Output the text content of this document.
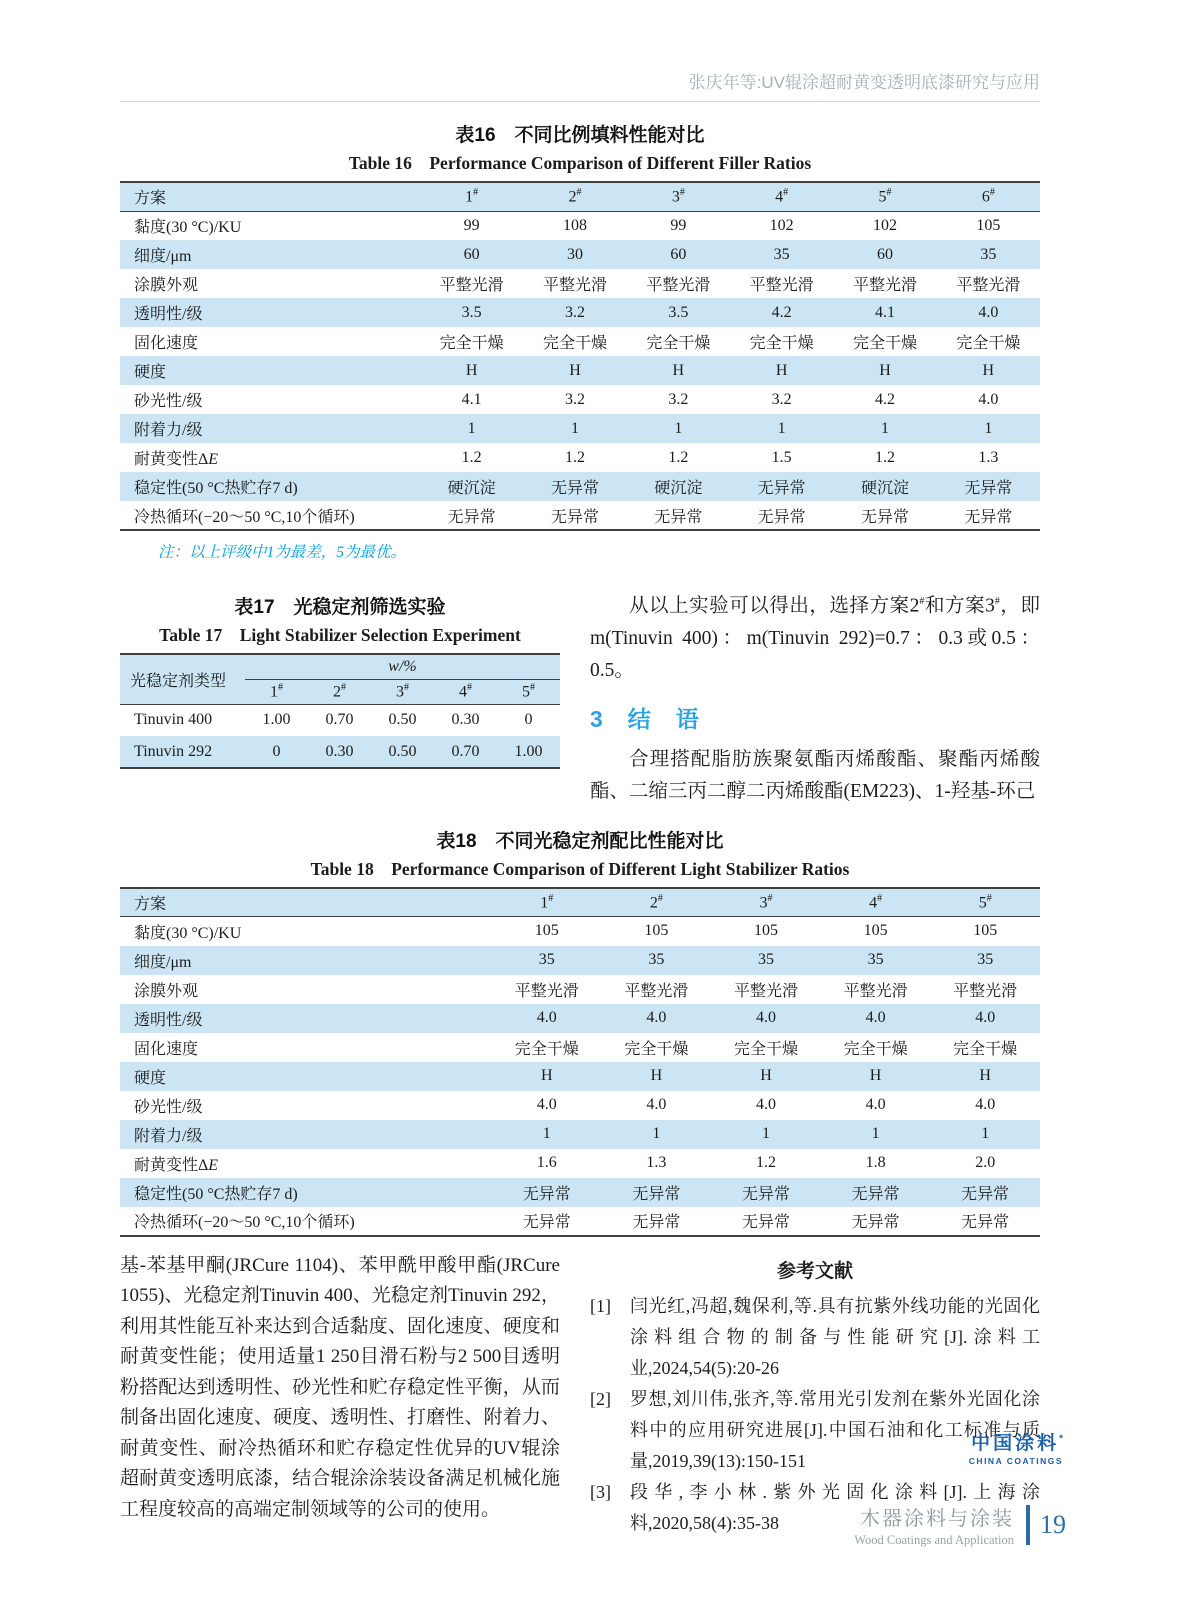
张庆年等:UV辊涂超耐黄变透明底漆研究与应用
表16　不同比例填料性能对比
Table 16　Performance Comparison of Different Filler Ratios
方案	1#	2#	3#	4#	5#	6#
黏度(30 °C)/KU	99	108	99	102	102	105
细度/μm	60	30	60	35	60	35
涂膜外观	平整光滑	平整光滑	平整光滑	平整光滑	平整光滑	平整光滑
透明性/级	3.5	3.2	3.5	4.2	4.1	4.0
固化速度	完全干燥	完全干燥	完全干燥	完全干燥	完全干燥	完全干燥
硬度	H	H	H	H	H	H
砂光性/级	4.1	3.2	3.2	3.2	4.2	4.0
附着力/级	1	1	1	1	1	1
耐黄变性ΔE	1.2	1.2	1.2	1.5	1.2	1.3
稳定性(50 °C热贮存7 d)	硬沉淀	无异常	硬沉淀	无异常	硬沉淀	无异常
冷热循环(−20～50 °C,10个循环)	无异常	无异常	无异常	无异常	无异常	无异常
注：以上评级中1为最差，5为最优。
表17　光稳定剂筛选实验
Table 17　Light Stabilizer Selection Experiment
光稳定剂类型	w/%				
	1#	2#	3#	4#	5#
Tinuvin 400	1.00	0.70	0.50	0.30	0
Tinuvin 292	0	0.30	0.50	0.70	1.00

从以上实验可以得出，选择方案2#和方案3#，即m(Tinuvin 400)：m(Tinuvin 292)=0.7：0.3或0.5：0.5。

3　结　语

合理搭配脂肪族聚氨酯丙烯酸酯、聚酯丙烯酸酯、二缩三丙二醇二丙烯酸酯(EM223)、1-羟基-环己

表18　不同光稳定剂配比性能对比
Table 18　Performance Comparison of Different Light Stabilizer Ratios
方案	1#	2#	3#	4#	5#
黏度(30 °C)/KU	105	105	105	105	105
细度/μm	35	35	35	35	35
涂膜外观	平整光滑	平整光滑	平整光滑	平整光滑	平整光滑
透明性/级	4.0	4.0	4.0	4.0	4.0
固化速度	完全干燥	完全干燥	完全干燥	完全干燥	完全干燥
硬度	H	H	H	H	H
砂光性/级	4.0	4.0	4.0	4.0	4.0
附着力/级	1	1	1	1	1
耐黄变性ΔE	1.6	1.3	1.2	1.8	2.0
稳定性(50 °C热贮存7 d)	无异常	无异常	无异常	无异常	无异常
冷热循环(−20～50 °C,10个循环)	无异常	无异常	无异常	无异常	无异常

基-苯基甲酮(JRCure 1104)、苯甲酰甲酸甲酯(JRCure 1055)、光稳定剂Tinuvin 400、光稳定剂Tinuvin 292，利用其性能互补来达到合适黏度、固化速度、硬度和耐黄变性能；使用适量1 250目滑石粉与2 500目透明粉搭配达到透明性、砂光性和贮存稳定性平衡，从而制备出固化速度、硬度、透明性、打磨性、附着力、耐黄变性、耐冷热循环和贮存稳定性优异的UV辊涂超耐黄变透明底漆，结合辊涂涂装设备满足机械化施工程度较高的高端定制领域等的公司的使用。

参考文献
[1]	闫光红,冯超,魏保利,等.具有抗紫外线功能的光固化涂料组合物的制备与性能研究[J].涂料工业,2024,54(5):20-26
[2]	罗想,刘川伟,张齐,等.常用光引发剂在紫外光固化涂料中的应用研究进展[J].中国石油和化工标准与质量,2019,39(13):150-151
[3]	段华,李小林.紫外光固化涂料[J].上海涂料,2020,58(4):35-38
中国涂料*
CHINA COATINGS
木器涂料与涂装
Wood Coatings and Application
19
